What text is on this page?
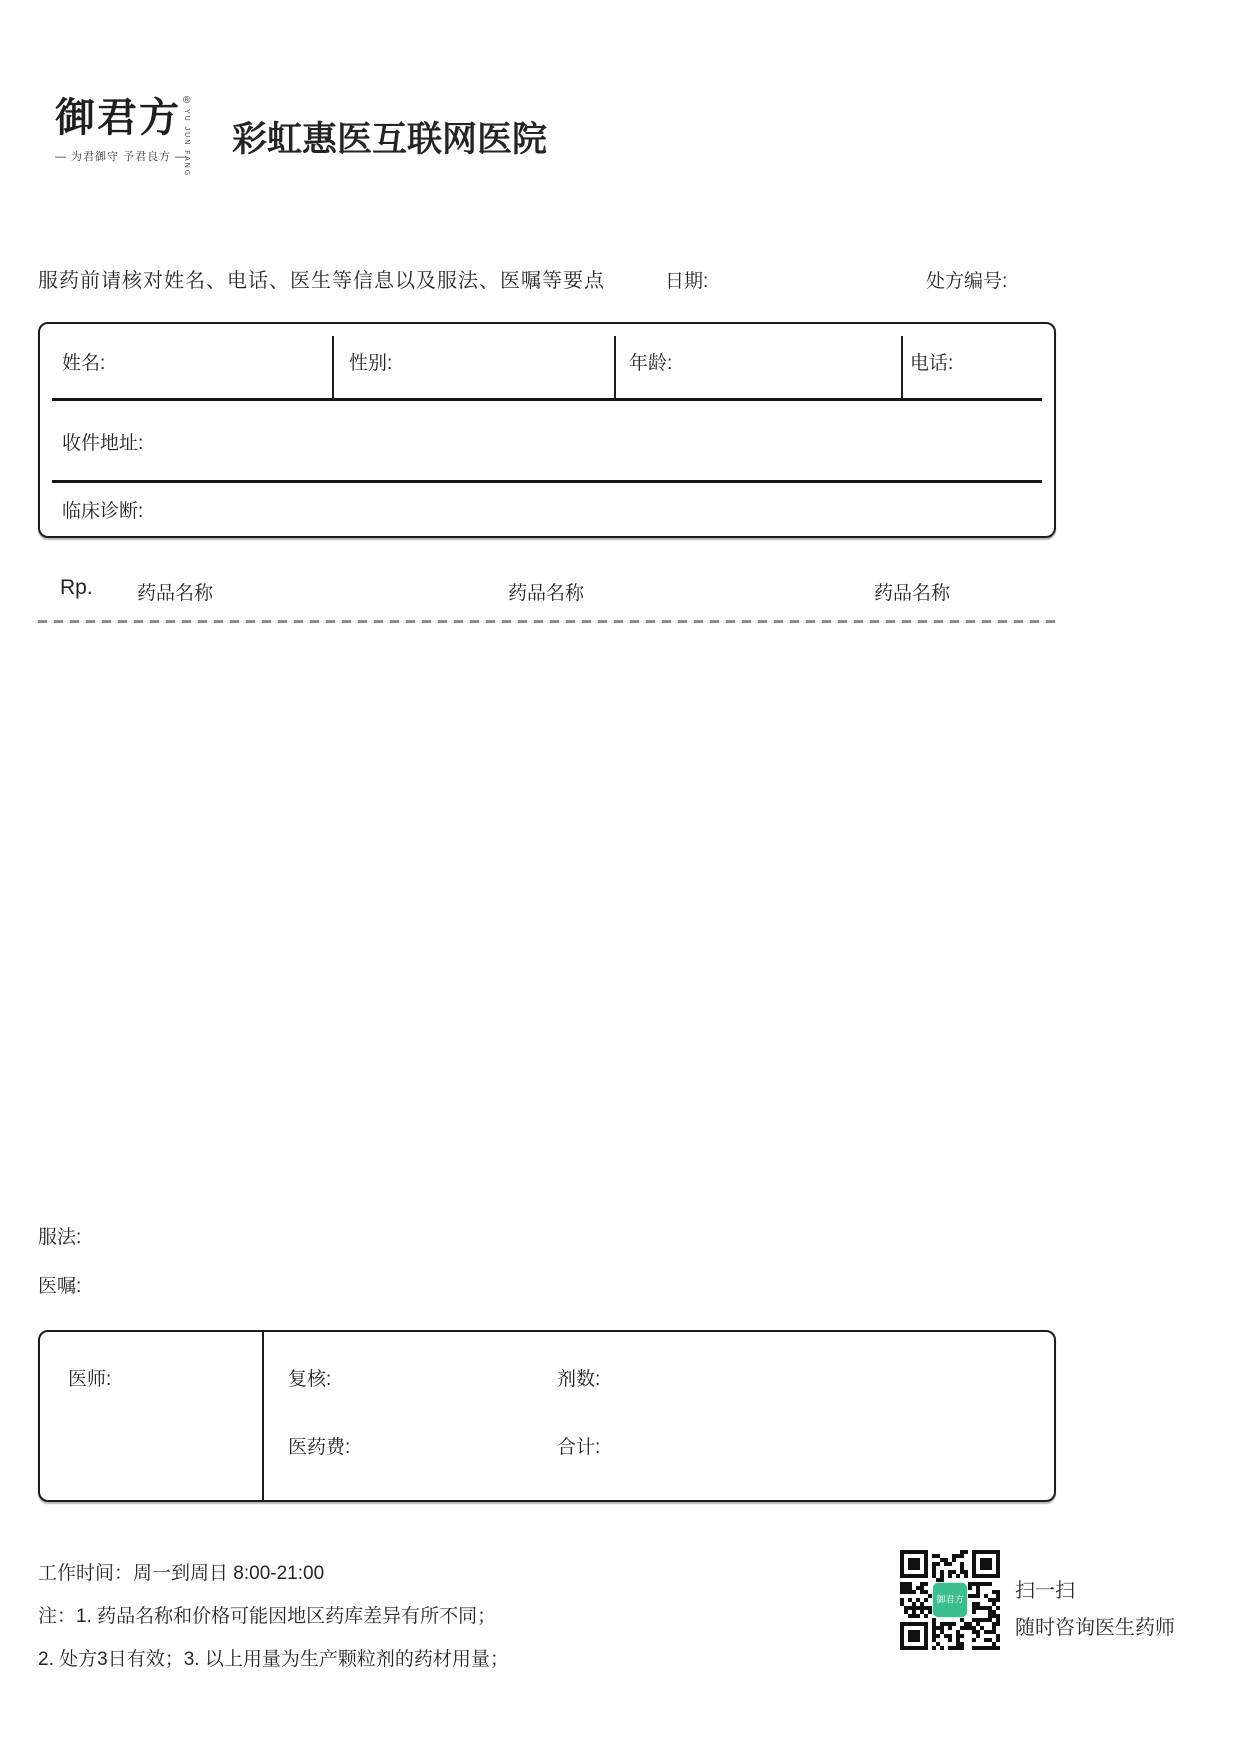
御君方 ®
YU JUN FANG
— 为君御守 予君良方 — 彩虹惠医互联网医院
服药前请核对姓名、电话、医生等信息以及服法、医嘱等要点	日期:	处方编号:
姓名:	性别:	年龄:	电话:
收件地址:
临床诊断:
Rp. 药品名称	药品名称	药品名称
服法:
医嘱:
医师:	复核:	剂数:
医药费:	合计:
工作时间：周一到周日 8:00-21:00
注：1. 药品名称和价格可能因地区药库差异有所不同；
2. 处方3日有效；3. 以上用量为生产颗粒剂的药材用量；
御君方	扫一扫
随时咨询医生药师
